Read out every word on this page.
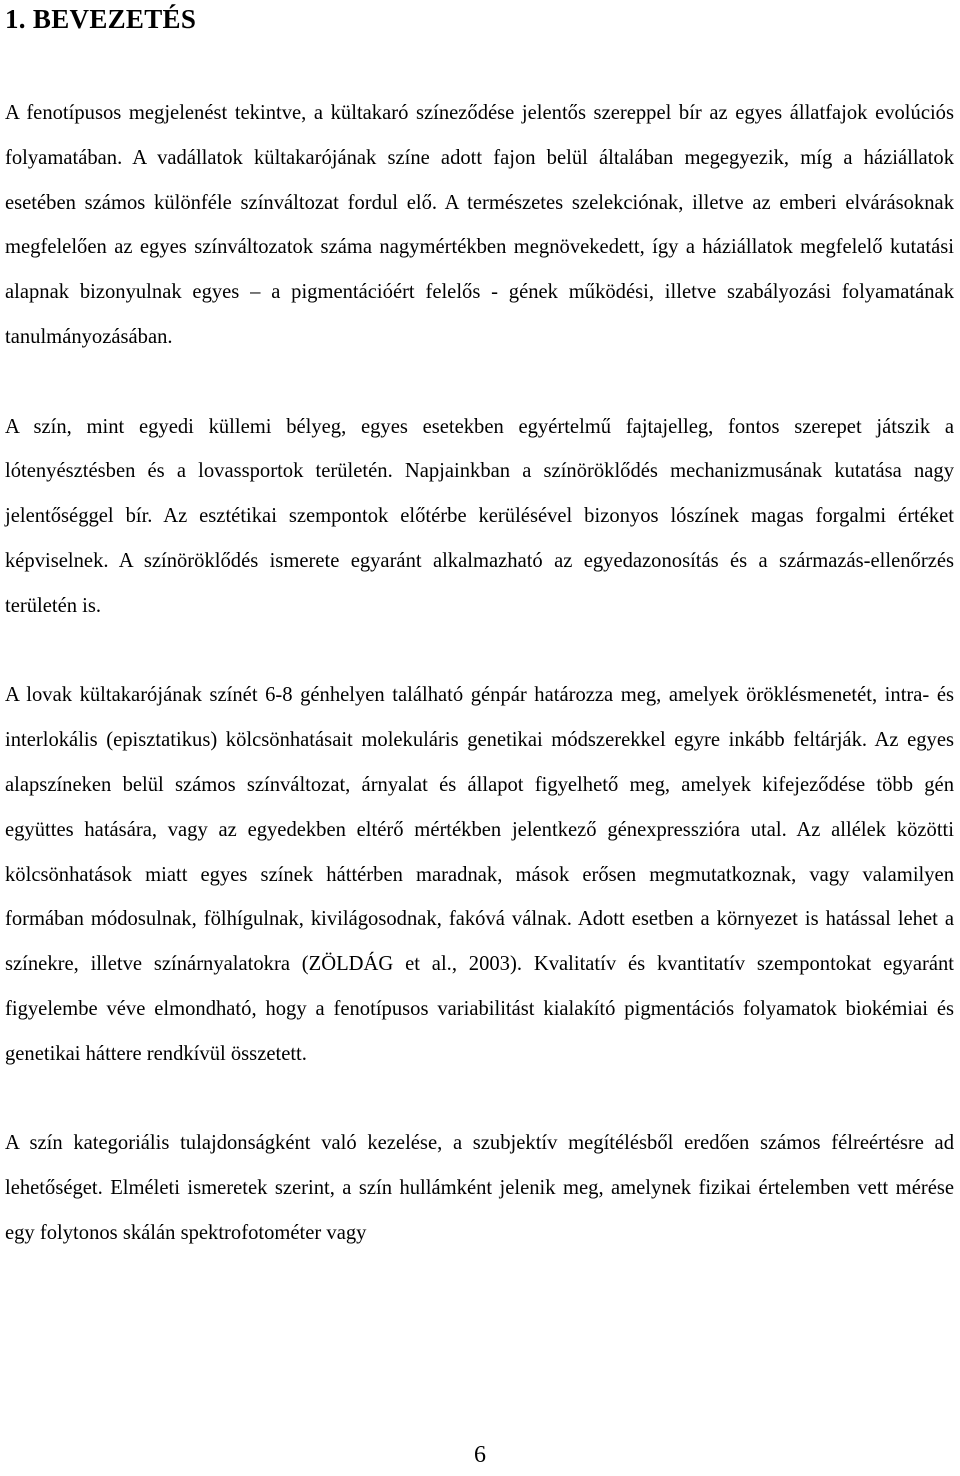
1. BEVEZETÉS

A fenotípusos megjelenést tekintve, a kültakaró színeződése jelentős szereppel bír az egyes állatfajok evolúciós folyamatában. A vadállatok kültakarójának színe adott fajon belül általában megegyezik, míg a háziállatok esetében számos különféle színváltozat fordul elő. A természetes szelekciónak, illetve az emberi elvárásoknak megfelelően az egyes színváltozatok száma nagymértékben megnövekedett, így a háziállatok megfelelő kutatási alapnak bizonyulnak egyes – a pigmentációért felelős - gének működési, illetve szabályozási folyamatának tanulmányozásában.

A szín, mint egyedi küllemi bélyeg, egyes esetekben egyértelmű fajtajelleg, fontos szerepet játszik a lótenyésztésben és a lovassportok területén. Napjainkban a színöröklődés mechanizmusának kutatása nagy jelentőséggel bír. Az esztétikai szempontok előtérbe kerülésével bizonyos lószínek magas forgalmi értéket képviselnek. A színöröklődés ismerete egyaránt alkalmazható az egyedazonosítás és a származás-ellenőrzés területén is.

A lovak kültakarójának színét 6-8 génhelyen található génpár határozza meg, amelyek öröklésmenetét, intra- és interlokális (episztatikus) kölcsönhatásait molekuláris genetikai módszerekkel egyre inkább feltárják. Az egyes alapszíneken belül számos színváltozat, árnyalat és állapot figyelhető meg, amelyek kifejeződése több gén együttes hatására, vagy az egyedekben eltérő mértékben jelentkező génexpresszióra utal. Az allélek közötti kölcsönhatások miatt egyes színek háttérben maradnak, mások erősen megmutatkoznak, vagy valamilyen formában módosulnak, fölhígulnak, kivilágosodnak, fakóvá válnak. Adott esetben a környezet is hatással lehet a színekre, illetve színárnyalatokra (ZÖLDÁG et al., 2003). Kvalitatív és kvantitatív szempontokat egyaránt figyelembe véve elmondható, hogy a fenotípusos variabilitást kialakító pigmentációs folyamatok biokémiai és genetikai háttere rendkívül összetett.

A szín kategoriális tulajdonságként való kezelése, a szubjektív megítélésből eredően számos félreértésre ad lehetőséget. Elméleti ismeretek szerint, a szín hullámként jelenik meg, amelynek fizikai értelemben vett mérése egy folytonos skálán spektrofotométer vagy

6
